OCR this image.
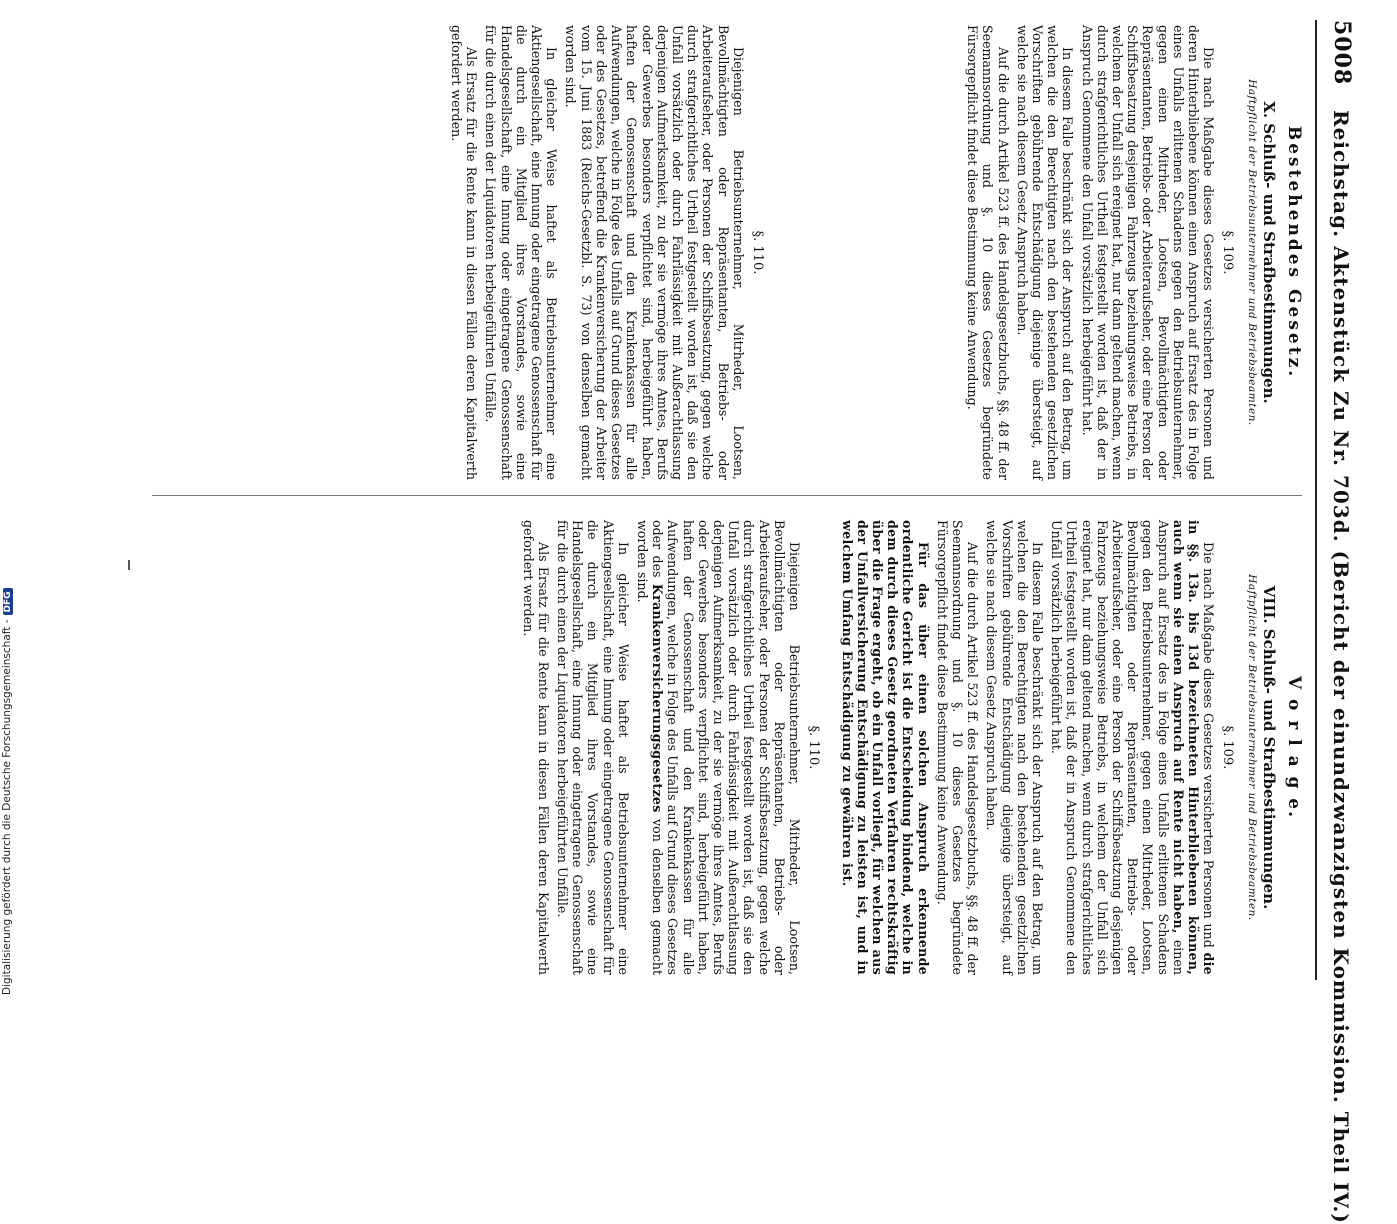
5008
Reichstag. Aktenstück Zu Nr. 703d. (Bericht der einundzwanzigsten Kommission. Theil IV.)
Bestehendes Gesetz.
X. Schluß- und Strafbestimmungen.
Haftpflicht der Betriebsunternehmer und Betriebsbeamten.
§. 109.

Die nach Maßgabe dieses Gesetzes versicherten Personen und deren Hinterbliebene können einen Anspruch auf Ersatz des in Folge eines Unfalls erlittenen Schadens gegen den Betriebsunternehmer, gegen einen Mitrheder, Lootsen, Bevollmächtigten oder Repräsentanten, Betriebs- oder Arbeiteraufseher, oder eine Person der Schiffsbesatzung desjenigen Fahrzeugs beziehungsweise Betriebs, in welchem der Unfall sich ereignet hat, nur dann geltend machen, wenn durch strafgerichtliches Urtheil festgestellt worden ist, daß der in Anspruch Genommene den Unfall vorsätzlich herbeigeführt hat.

In diesem Falle beschränkt sich der Anspruch auf den Betrag, um welchen die den Berechtigten nach den bestehenden gesetzlichen Vorschriften gebührende Entschädigung diejenige übersteigt, auf welche sie nach diesem Gesetz Anspruch haben.

Auf die durch Artikel 523 ff. des Handelsgesetzbuchs, §§. 48 ff. der Seemannsordnung und §. 10 dieses Gesetzes begründete Fürsorgepflicht findet diese Bestimmung keine Anwendung.

§. 110.

Diejenigen Betriebsunternehmer, Mitrheder, Lootsen, Bevollmächtigten oder Repräsentanten, Betriebs- oder Arbeiteraufseher, oder Personen der Schiffsbesatzung, gegen welche durch strafgerichtliches Urtheil festgestellt worden ist, daß sie den Unfall vorsätzlich oder durch Fahrlässigkeit mit Außerachtlassung derjenigen Aufmerksamkeit, zu der sie vermöge ihres Amtes, Berufs oder Gewerbes besonders verpflichtet sind, herbeigeführt haben, haften der Genossenschaft und den Krankenkassen für alle Aufwendungen, welche in Folge des Unfalls auf Grund dieses Gesetzes oder des Gesetzes, betreffend die Krankenversicherung der Arbeiter vom 15. Juni 1883 (Reichs-Gesetzbl. S. 73) von denselben gemacht worden sind.

In gleicher Weise haftet als Betriebsunternehmer eine Aktiengesellschaft, eine Innung oder eingetragene Genossenschaft für die durch ein Mitglied ihres Vorstandes, sowie eine Handelsgesellschaft, eine Innung oder eingetragene Genossenschaft für die durch einen der Liquidatoren herbeigeführten Unfälle.

Als Ersatz für die Rente kann in diesen Fällen deren Kapitalwerth gefordert werden.

V o r l a g e.
VIII. Schluß- und Strafbestimmungen.
Haftpflicht der Betriebsunternehmer und Betriebsbeamten.
§. 109.

Die nach Maßgabe dieses Gesetzes versicherten Personen und die in §§. 13a. bis 13d bezeichneten Hinterbliebenen können, auch wenn sie einen Anspruch auf Rente nicht haben, einen Anspruch auf Ersatz des in Folge eines Unfalls erlittenen Schadens gegen den Betriebsunternehmer, gegen einen Mitrheder, Lootsen, Bevollmächtigten oder Repräsentanten, Betriebs- oder Arbeiteraufseher, oder eine Person der Schiffsbesatzung desjenigen Fahrzeugs beziehungsweise Betriebs, in welchem der Unfall sich ereignet hat, nur dann geltend machen, wenn durch strafgerichtliches Urtheil festgestellt worden ist, daß der in Anspruch Genommene den Unfall vorsätzlich herbeigeführt hat.

In diesem Falle beschränkt sich der Anspruch auf den Betrag, um welchen die den Berechtigten nach den bestehenden gesetzlichen Vorschriften gebührende Entschädigung diejenige übersteigt, auf welche sie nach diesem Gesetz Anspruch haben.

Auf die durch Artikel 523 ff. des Handelsgesetzbuchs, §§. 48 ff. der Seemannsordnung und §. 10 dieses Gesetzes begründete Fürsorgepflicht findet diese Bestimmung keine Anwendung.

Für das über einen solchen Anspruch erkennende ordentliche Gericht ist die Entscheidung bindend, welche in dem durch dieses Gesetz geordneten Verfahren rechtskräftig über die Frage ergeht, ob ein Unfall vorliegt, für welchen aus der Unfallversicherung Entschädigung zu leisten ist, und in welchem Umfang Entschädigung zu gewähren ist.

§. 110.

Diejenigen Betriebsunternehmer, Mitrheder, Lootsen, Bevollmächtigten oder Repräsentanten, Betriebs- oder Arbeiteraufseher, oder Personen der Schiffsbesatzung, gegen welche durch strafgerichtliches Urtheil festgestellt worden ist, daß sie den Unfall vorsätzlich oder durch Fahrlässigkeit mit Außerachtlassung derjenigen Aufmerksamkeit, zu der sie vermöge ihres Amtes, Berufs oder Gewerbes besonders verpflichtet sind, herbeigeführt haben, haften der Genossenschaft und den Krankenkassen für alle Aufwendungen, welche in Folge des Unfalls auf Grund dieses Gesetzes oder des Krankenversicherungsgesetzes von denselben gemacht worden sind.

In gleicher Weise haftet als Betriebsunternehmer eine Aktiengesellschaft, eine Innung oder eingetragene Genossenschaft für die durch ein Mitglied ihres Vorstandes, sowie eine Handelsgesellschaft, eine Innung oder eingetragene Genossenschaft für die durch einen der Liquidatoren herbeigeführten Unfälle.

Als Ersatz für die Rente kann in diesen Fällen deren Kapitalwerth gefordert werden.

Digitalisierung gefördert durch die Deutsche Forschungsgemeinschaft -DFG
